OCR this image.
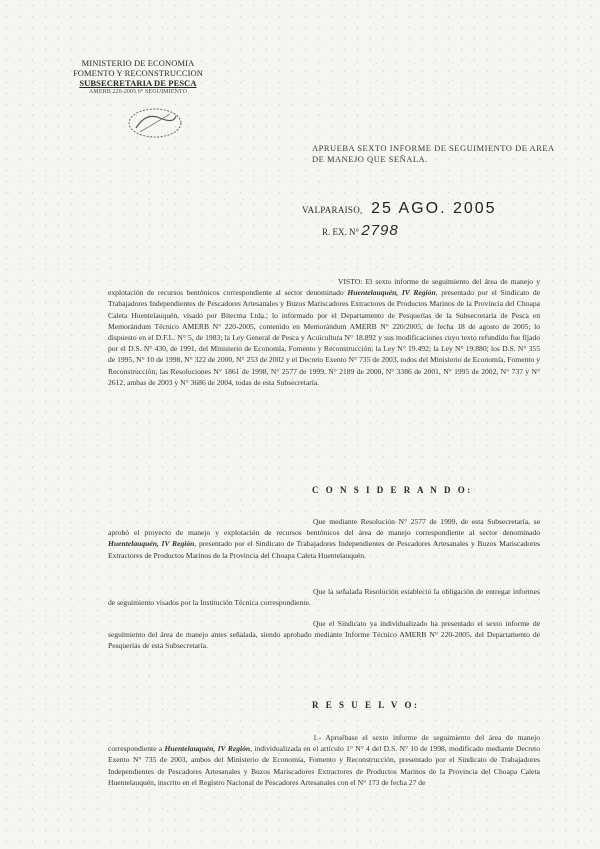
MINISTERIO DE ECONOMIA
FOMENTO Y RECONSTRUCCION
SUBSECRETARIA DE PESCA
AMERB 220-2005 6° SEGUIMIENTO
APRUEBA SEXTO INFORME DE SEGUIMIENTO DE AREA DE MANEJO QUE SEÑALA.
VALPARAISO, 25 AGO. 2005
R. EX. N° 2798
VISTO: El sexto informe de seguimiento del área de manejo y explotación de recursos bentónicos correspondiente al sector denominado Huentelauquén, IV Región, presentado por el Sindicato de Trabajadores Independientes de Pescadores Artesanales y Buzos Mariscadores Extractores de Productos Marinos de la Provincia del Choapa Caleta Huentelauquén, visado por Bitecma Ltda.; lo informado por el Departamento de Pesquerías de la Subsecretaría de Pesca en Memorándum Técnico AMERB N° 220-2005, contenido en Memorándum AMERB N° 220/2005, de fecha 18 de agosto de 2005; lo dispuesto en el D.F.L. N° 5, de 1983; la Ley General de Pesca y Acuicultura N° 18.892 y sus modificaciones cuyo texto refundido fue fijado por el D.S. N° 430, de 1991, del Ministerio de Economía, Fomento y Reconstrucción; la Ley N° 19.492; la Ley N° 19.880; los D.S. N° 355 de 1995, N° 10 de 1998, N° 322 de 2000, N° 253 de 2002 y el Decreto Exento N° 735 de 2003, todos del Ministerio de Economía, Fomento y Reconstrucción; las Resoluciones N° 1861 de 1998, N° 2577 de 1999, N° 2189 de 2000, N° 3386 de 2001, N° 1995 de 2002, N° 737 y N° 2612, ambas de 2003 y N° 3686 de 2004, todas de esta Subsecretaría.
C O N S I D E R A N D O:
Que mediante Resolución N° 2577 de 1999, de esta Subsecretaría, se aprobó el proyecto de manejo y explotación de recursos bentónicos del área de manejo correspondiente al sector denominado Huentelauquén, IV Región, presentado por el Sindicato de Trabajadores Independientes de Pescadores Artesanales y Buzos Mariscadores Extractores de Productos Marinos de la Provincia del Choapa Caleta Huentelauquén.
Que la señalada Resolución estableció la obligación de entregar informes de seguimiento visados por la Institución Técnica correspondiente.
Que el Sindicato ya individualizado ha presentado el sexto informe de seguimiento del área de manejo antes señalada, siendo aprobado mediante Informe Técnico AMERB N° 220-2005, del Departamento de Pesquerías de esta Subsecretaría.
R E S U E L V O:
1.- Apruébase el sexto informe de seguimiento del área de manejo correspondiente a Huentelauquén, IV Región, individualizada en el artículo 1° N° 4 del D.S. N° 10 de 1998, modificado mediante Decreto Exento N° 735 de 2003, ambos del Ministerio de Economía, Fomento y Reconstrucción, presentado por el Sindicato de Trabajadores Independientes de Pescadores Artesanales y Buzos Mariscadores Extractores de Productos Marinos de la Provincia del Choapa Caleta Huentelauquén, inscrito en el Registro Nacional de Pescadores Artesanales con el N° 173 de fecha 27 de
